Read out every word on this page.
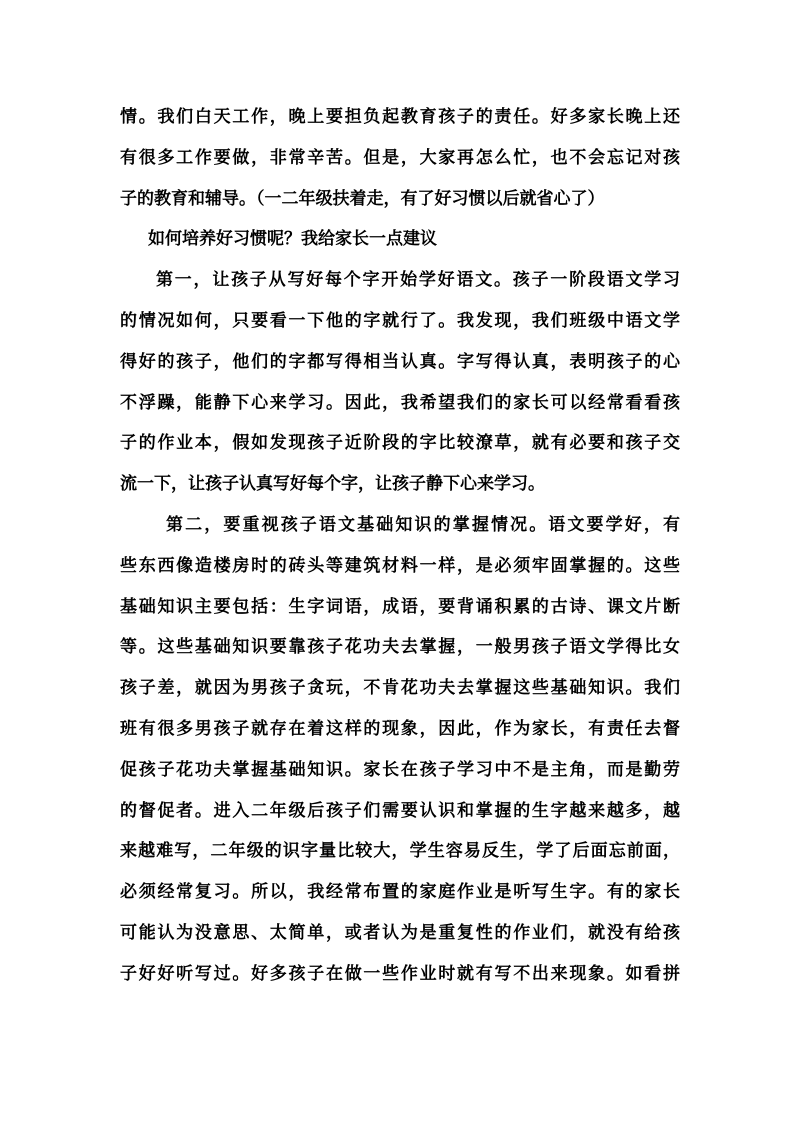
情。我们白天工作，晚上要担负起教育孩子的责任。好多家长晚上还
有很多工作要做，非常辛苦。但是，大家再怎么忙，也不会忘记对孩
子的教育和辅导。（一二年级扶着走，有了好习惯以后就省心了）
如何培养好习惯呢？我给家长一点建议
第一，让孩子从写好每个字开始学好语文。孩子一阶段语文学习
的情况如何，只要看一下他的字就行了。我发现，我们班级中语文学
得好的孩子，他们的字都写得相当认真。字写得认真，表明孩子的心
不浮躁，能静下心来学习。因此，我希望我们的家长可以经常看看孩
子的作业本，假如发现孩子近阶段的字比较潦草，就有必要和孩子交
流一下，让孩子认真写好每个字，让孩子静下心来学习。
第二，要重视孩子语文基础知识的掌握情况。语文要学好，有
些东西像造楼房时的砖头等建筑材料一样，是必须牢固掌握的。这些
基础知识主要包括：生字词语，成语，要背诵积累的古诗、课文片断
等。这些基础知识要靠孩子花功夫去掌握，一般男孩子语文学得比女
孩子差，就因为男孩子贪玩，不肯花功夫去掌握这些基础知识。我们
班有很多男孩子就存在着这样的现象，因此，作为家长，有责任去督
促孩子花功夫掌握基础知识。家长在孩子学习中不是主角，而是勤劳
的督促者。进入二年级后孩子们需要认识和掌握的生字越来越多，越
来越难写，二年级的识字量比较大，学生容易反生，学了后面忘前面，
必须经常复习。所以，我经常布置的家庭作业是听写生字。有的家长
可能认为没意思、太简单，或者认为是重复性的作业们，就没有给孩
子好好听写过。好多孩子在做一些作业时就有写不出来现象。如看拼
